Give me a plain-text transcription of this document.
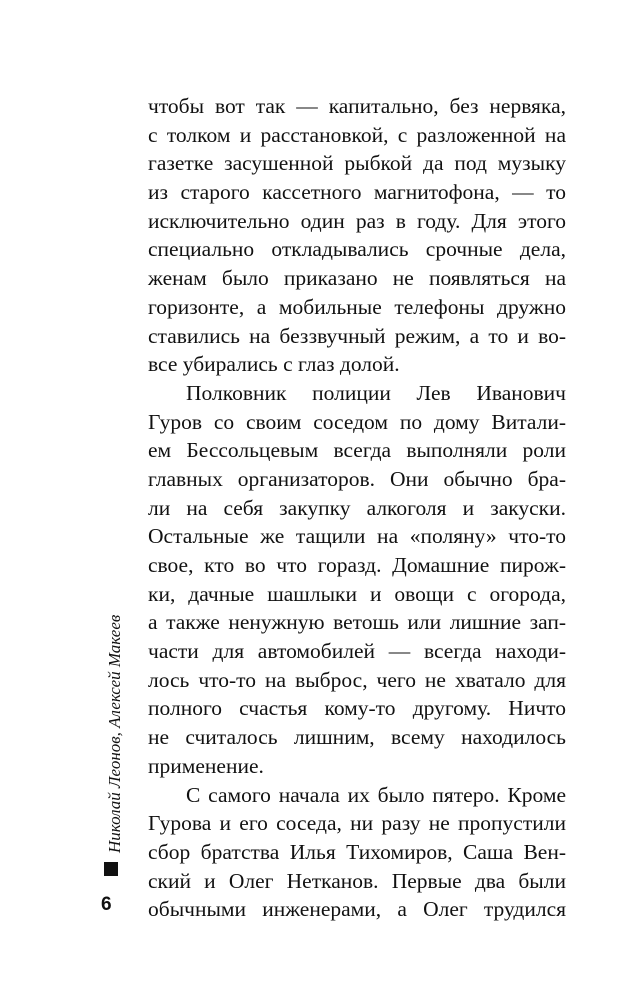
чтобы вот так — капитально, без нервяка,
с толком и расстановкой, с разложенной на
газетке засушенной рыбкой да под музыку
из старого кассетного магнитофона, — то
исключительно один раз в году. Для этого
специально откладывались срочные дела,
женам было приказано не появляться на
горизонте, а мобильные телефоны дружно
ставились на беззвучный режим, а то и во-
все убирались с глаз долой.
Полковник полиции Лев Иванович
Гуров со своим соседом по дому Витали-
ем Бессольцевым всегда выполняли роли
главных организаторов. Они обычно бра-
ли на себя закупку алкоголя и закуски.
Остальные же тащили на «поляну» что-то
свое, кто во что горазд. Домашние пирож-
ки, дачные шашлыки и овощи с огорода,
а также ненужную ветошь или лишние зап-
части для автомобилей — всегда находи-
лось что-то на выброс, чего не хватало для
полного счастья кому-то другому. Ничто
не считалось лишним, всему находилось
применение.
С самого начала их было пятеро. Кроме
Гурова и его соседа, ни разу не пропустили
сбор братства Илья Тихомиров, Саша Вен-
ский и Олег Нетканов. Первые два были
обычными инженерами, а Олег трудился
Николай Леонов, Алексей Макеев
6
